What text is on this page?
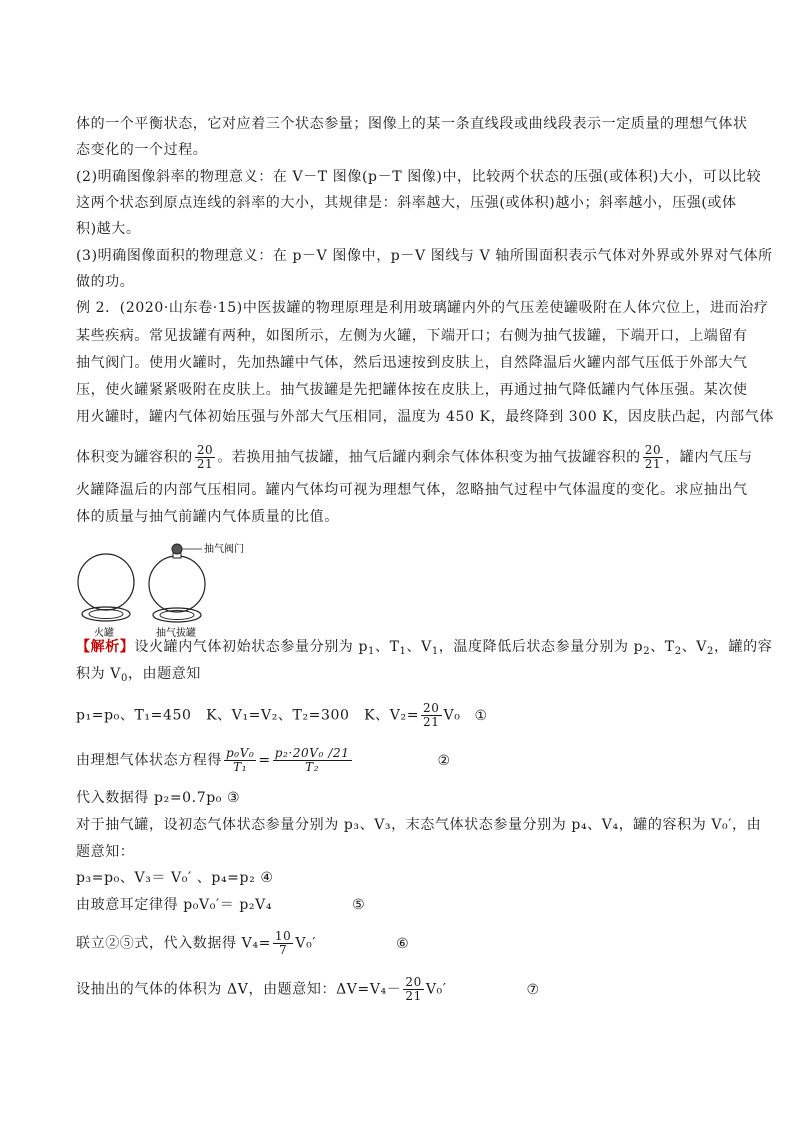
体的一个平衡状态，它对应着三个状态参量；图像上的某一条直线段或曲线段表示一定质量的理想气体状
态变化的一个过程。
(2)明确图像斜率的物理意义：在 V－T 图像(p－T 图像)中，比较两个状态的压强(或体积)大小，可以比较
这两个状态到原点连线的斜率的大小，其规律是：斜率越大，压强(或体积)越小；斜率越小，压强(或体
积)越大。
(3)明确图像面积的物理意义：在 p－V 图像中，p－V 图线与 V 轴所围面积表示气体对外界或外界对气体所
做的功。
例 2．(2020·山东卷·15)中医拔罐的物理原理是利用玻璃罐内外的气压差使罐吸附在人体穴位上，进而治疗
某些疾病。常见拔罐有两种，如图所示，左侧为火罐，下端开口；右侧为抽气拔罐，下端开口，上端留有
抽气阀门。使用火罐时，先加热罐中气体，然后迅速按到皮肤上，自然降温后火罐内部气压低于外部大气
压，使火罐紧紧吸附在皮肤上。抽气拔罐是先把罐体按在皮肤上，再通过抽气降低罐内气体压强。某次使
用火罐时，罐内气体初始压强与外部大气压相同，温度为 450 K，最终降到 300 K，因皮肤凸起，内部气体
体积变为罐容积的 $\frac{20}{21}$ 。若换用抽气拔罐，抽气后罐内剩余气体体积变为抽气拔罐容积的 $\frac{20}{21}$ ，罐内气压与
火罐降温后的内部气压相同。罐内气体均可视为理想气体，忽略抽气过程中气体温度的变化。求应抽出气
体的质量与抽气前罐内气体质量的比值。
抽气阀门
火罐	抽气拔罐
【解析】设火罐内气体初始状态参量分别为 $p_1$、$T_1$、$V_1$，温度降低后状态参量分别为 $p_2$、$T_2$、$V_2$，罐的容
积为 $V_0$，由题意知
p₁=p₀、T₁=450　K、V₁=V₂、T₂=300　K、$V_2= \frac{20}{21} V_0$ ①
由理想气体状态方程得 $\frac{\text{p₀V₀}}{\text{T₁}} = \frac{\text{p₂·20V₀ /21}}{\text{T₂}}$	②
代入数据得 p₂=0.7p₀ ③
对于抽气罐，设初态气体状态参量分别为 p₃、V₃，末态气体状态参量分别为 p₄、V₄，罐的容积为 V₀′，由
题意知：
p₃=p₀、V₃＝ V₀′ 、p₄=p₂ ④
由玻意耳定律得 p₀V₀′＝ p₂V₄	⑤
联立②⑤式，代入数据得 $V_4= \frac{10}{7} V_0'$	⑥
设抽出的气体的体积为 ΔV，由题意知：$\Delta V=V_4- \frac{20}{21} V_0'$	⑦
